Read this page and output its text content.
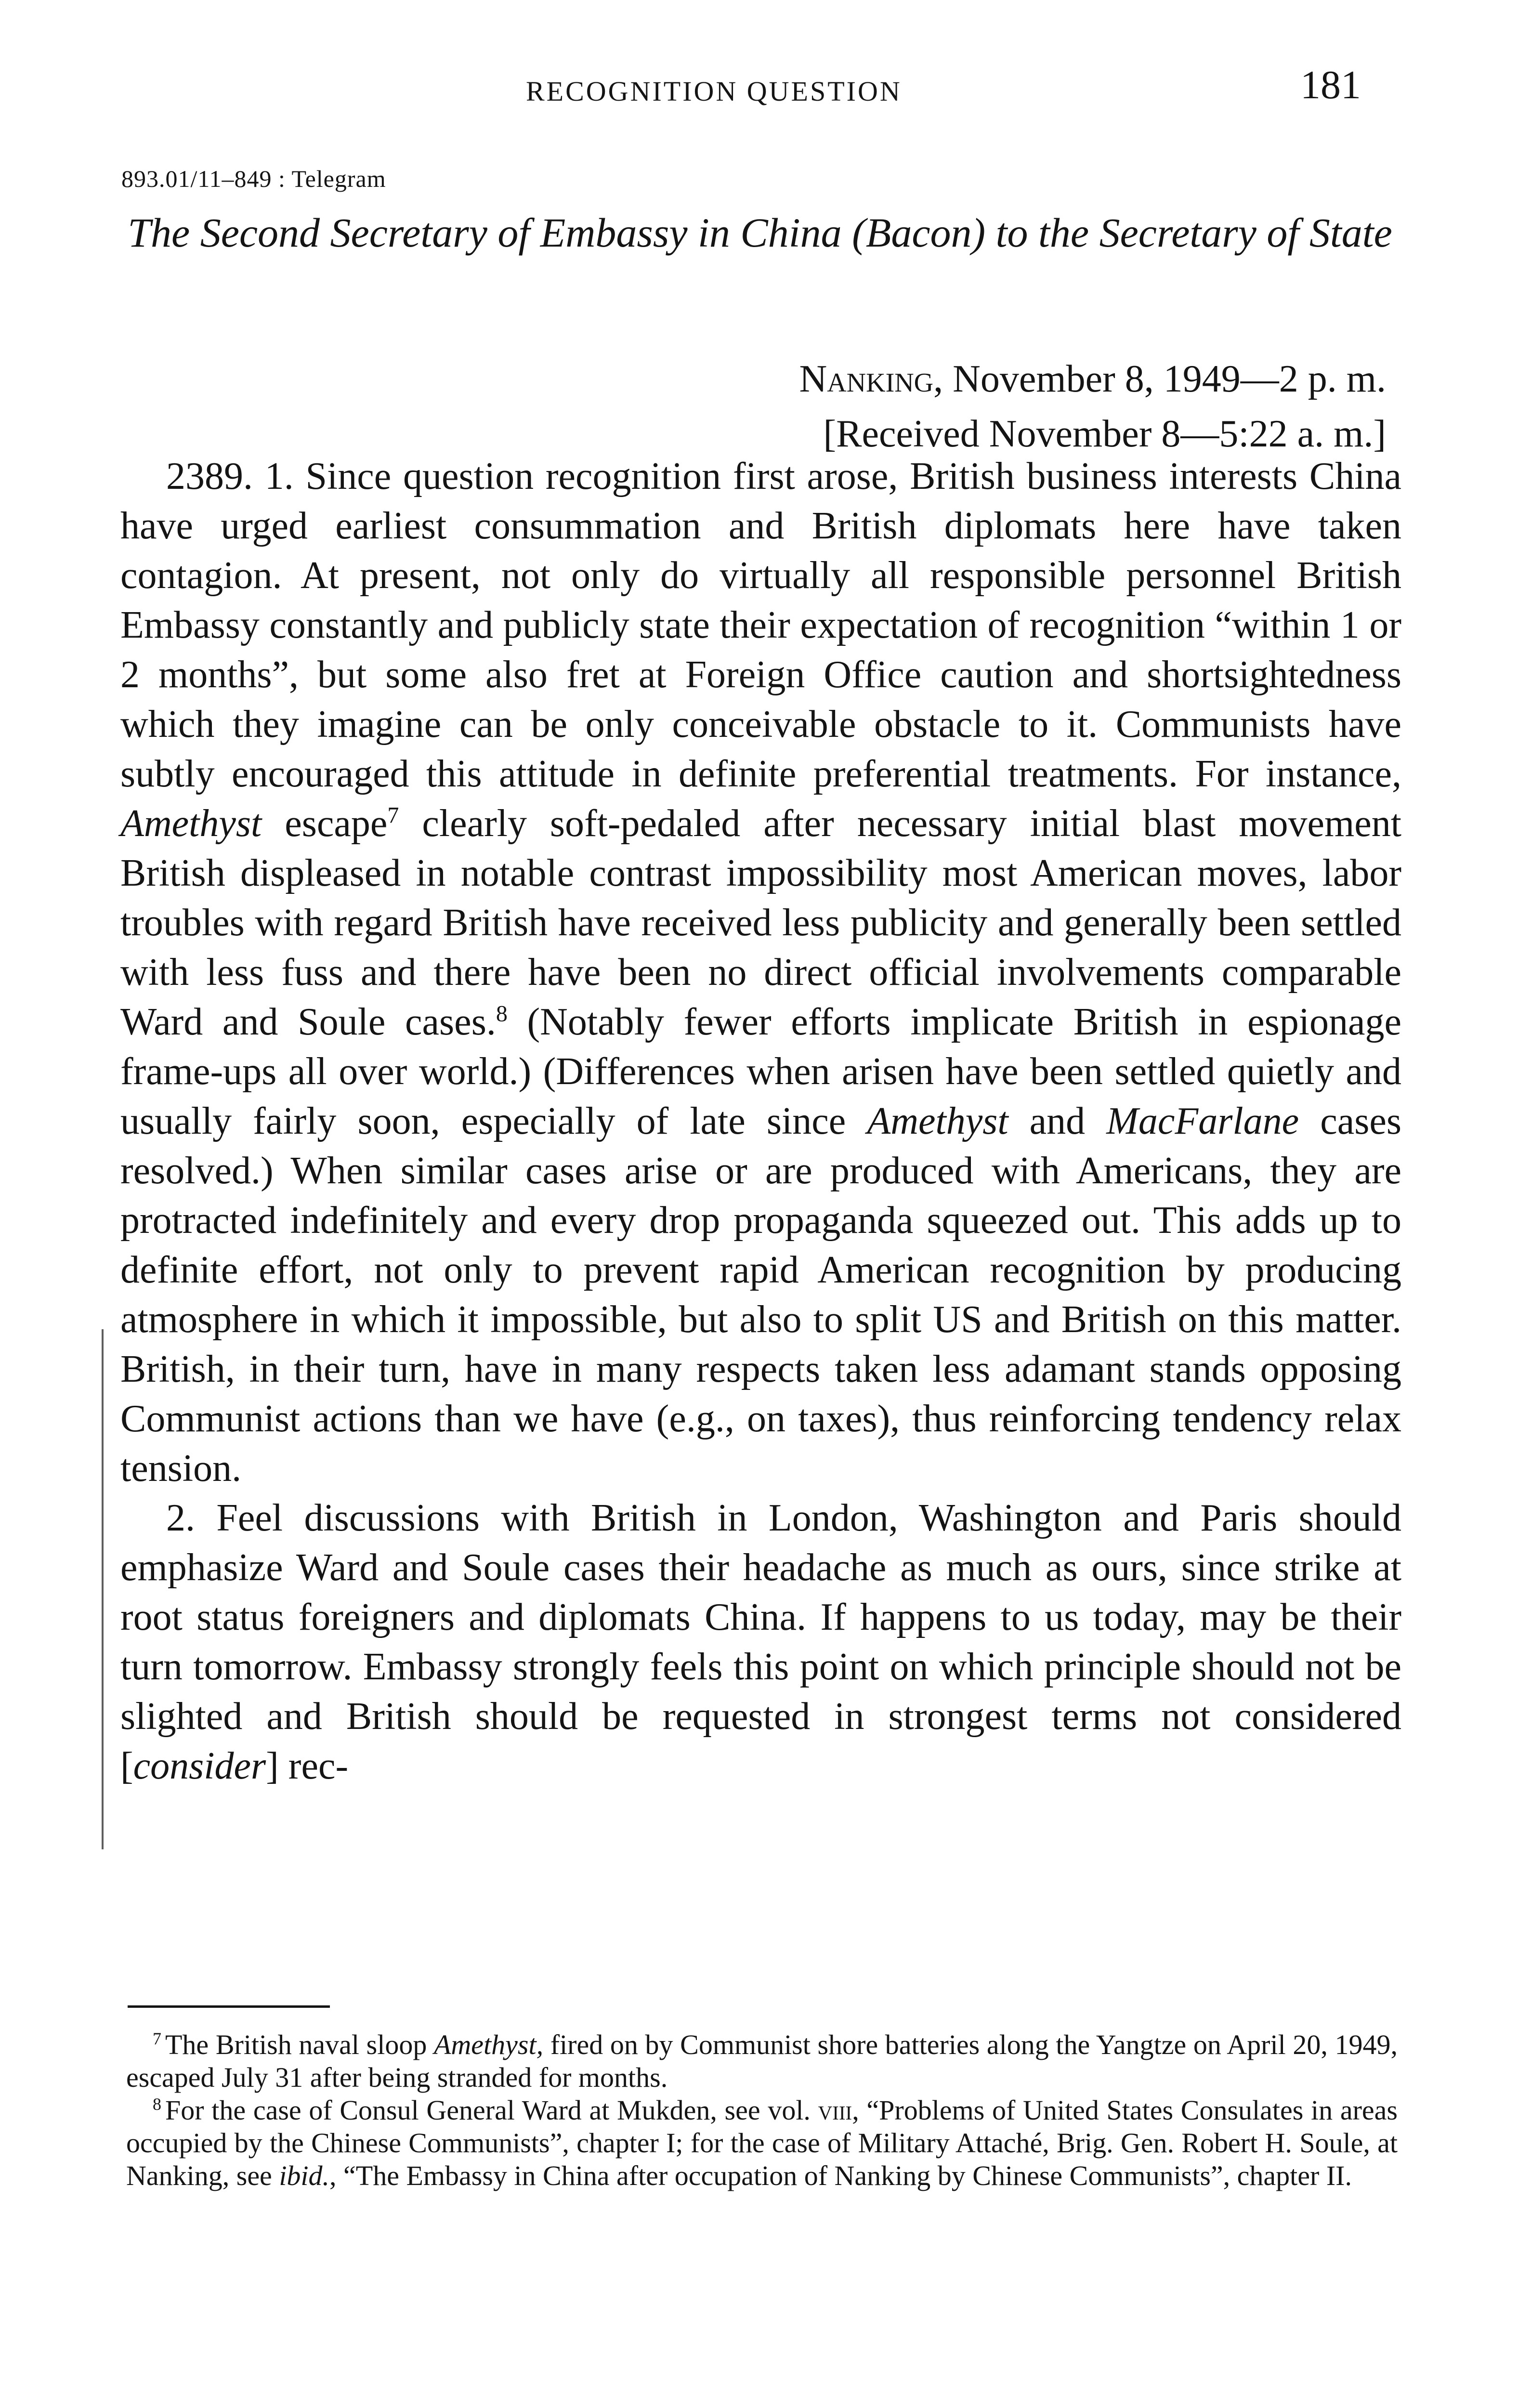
RECOGNITION QUESTION	181
893.01/11–849 : Telegram
The Second Secretary of Embassy in China (Bacon) to the Secretary of State
Nanking, November 8, 1949—2 p. m.
[Received November 8—5:22 a. m.]

2389. 1. Since question recognition first arose, British business interests China have urged earliest consummation and British diplomats here have taken contagion. At present, not only do virtually all responsible personnel British Embassy constantly and publicly state their expectation of recognition “within 1 or 2 months”, but some also fret at Foreign Office caution and shortsightedness which they imagine can be only conceivable obstacle to it. Communists have subtly encouraged this attitude in definite preferential treatments. For instance, Amethyst escape$^7$ clearly soft-pedaled after necessary initial blast movement British displeased in notable contrast impossibility most American moves, labor troubles with regard British have received less publicity and generally been settled with less fuss and there have been no direct official involvements comparable Ward and Soule cases.$^8$ (Notably fewer efforts implicate British in espionage frame-ups all over world.) (Differences when arisen have been settled quietly and usually fairly soon, especially of late since Amethyst and MacFarlane cases resolved.) When similar cases arise or are produced with Americans, they are protracted indefinitely and every drop propaganda squeezed out. This adds up to definite effort, not only to prevent rapid American recognition by producing atmosphere in which it impossible, but also to split US and British on this matter. British, in their turn, have in many respects taken less adamant stands opposing Communist actions than we have (e.g., on taxes), thus reinforcing tendency relax tension.

2. Feel discussions with British in London, Washington and Paris should emphasize Ward and Soule cases their headache as much as ours, since strike at root status foreigners and diplomats China. If happens to us today, may be their turn tomorrow. Embassy strongly feels this point on which principle should not be slighted and British should be requested in strongest terms not considered [consider] rec-

$^7$ The British naval sloop Amethyst, fired on by Communist shore batteries along the Yangtze on April 20, 1949, escaped July 31 after being stranded for months.

$^8$ For the case of Consul General Ward at Mukden, see vol. viii, “Problems of United States Consulates in areas occupied by the Chinese Communists”, chapter I; for the case of Military Attaché, Brig. Gen. Robert H. Soule, at Nanking, see ibid., “The Embassy in China after occupation of Nanking by Chinese Communists”, chapter II.
